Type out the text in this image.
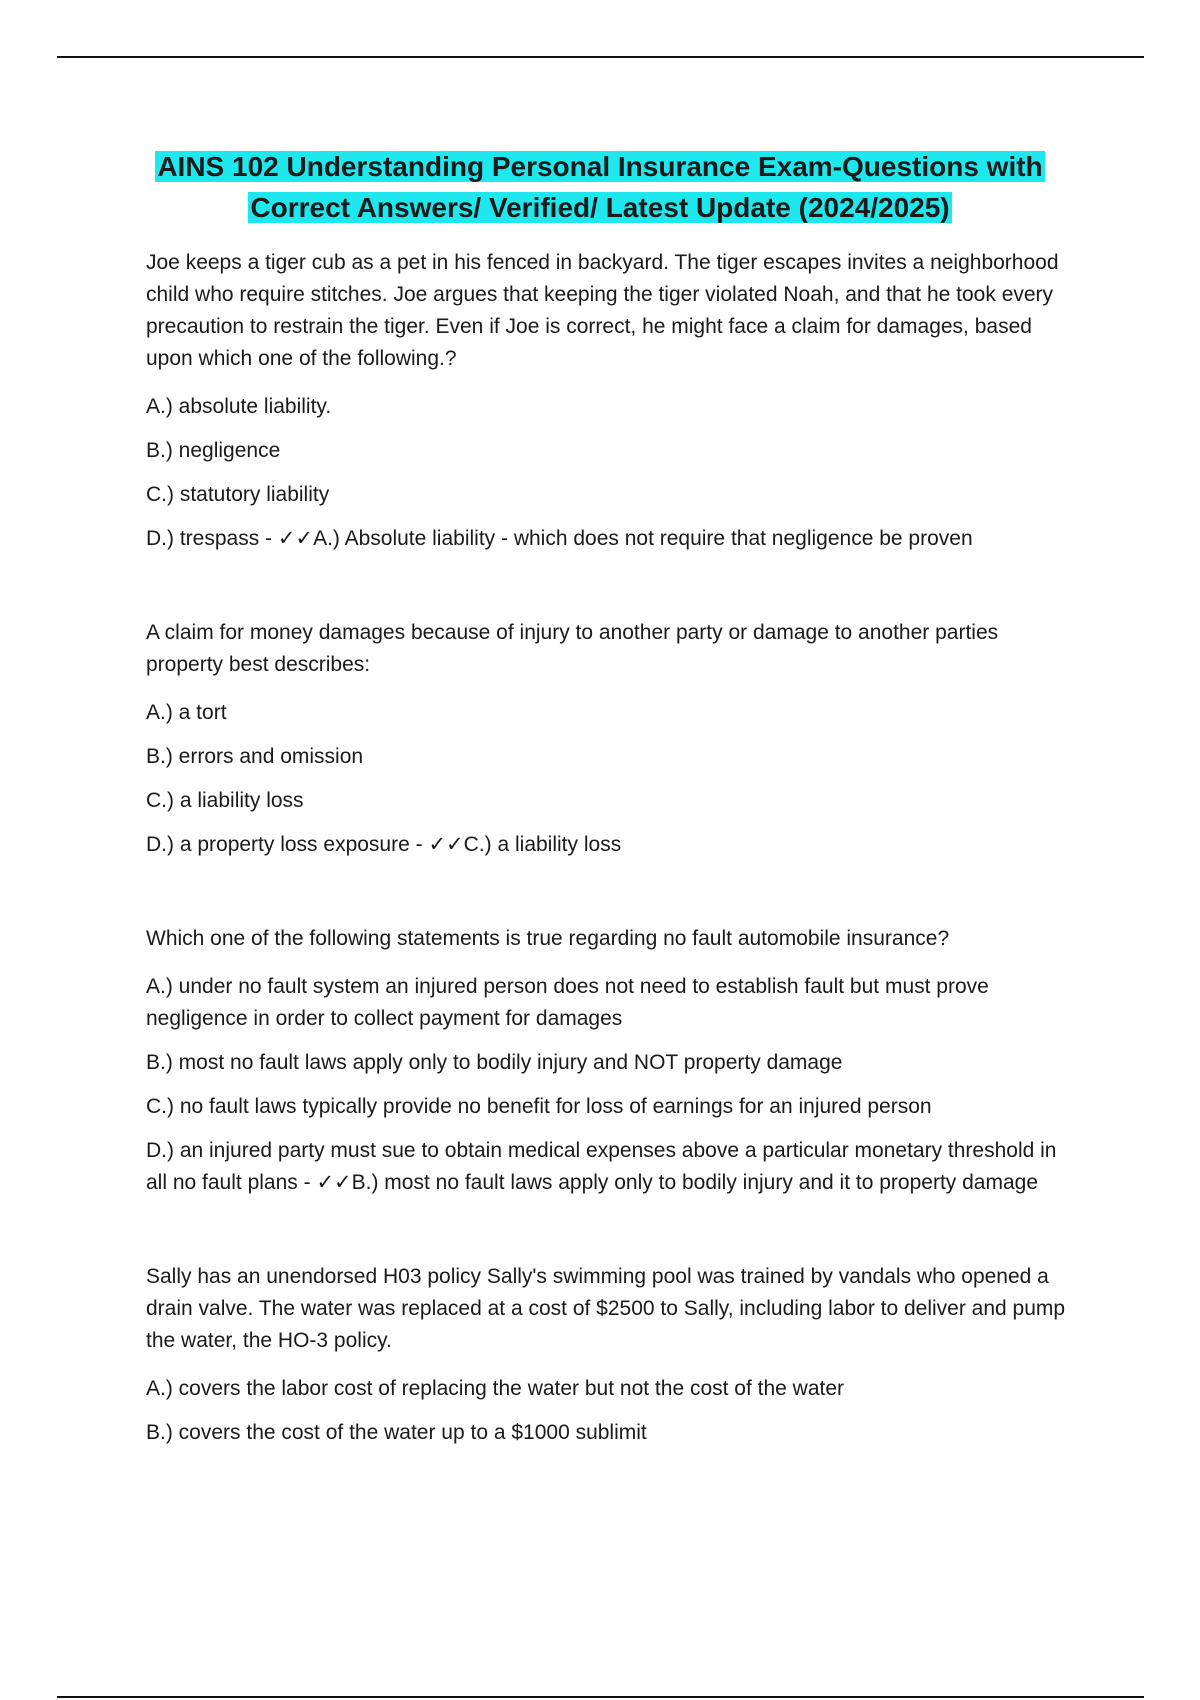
AINS 102 Understanding Personal Insurance Exam-Questions with
Correct Answers/ Verified/ Latest Update (2024/2025)

Joe keeps a tiger cub as a pet in his fenced in backyard. The tiger escapes invites a neighborhood child who require stitches. Joe argues that keeping the tiger violated Noah, and that he took every precaution to restrain the tiger. Even if Joe is correct, he might face a claim for damages, based upon which one of the following.?

A.) absolute liability.

B.) negligence

C.) statutory liability

D.) trespass - ✓✓A.) Absolute liability - which does not require that negligence be proven

A claim for money damages because of injury to another party or damage to another parties property best describes:

A.) a tort

B.) errors and omission

C.) a liability loss

D.) a property loss exposure - ✓✓C.) a liability loss

Which one of the following statements is true regarding no fault automobile insurance?

A.) under no fault system an injured person does not need to establish fault but must prove negligence in order to collect payment for damages

B.) most no fault laws apply only to bodily injury and NOT property damage

C.) no fault laws typically provide no benefit for loss of earnings for an injured person

D.) an injured party must sue to obtain medical expenses above a particular monetary threshold in all no fault plans - ✓✓B.) most no fault laws apply only to bodily injury and it to property damage

Sally has an unendorsed H03 policy Sally's swimming pool was trained by vandals who opened a drain valve. The water was replaced at a cost of $2500 to Sally, including labor to deliver and pump the water, the HO-3 policy.

A.) covers the labor cost of replacing the water but not the cost of the water

B.) covers the cost of the water up to a $1000 sublimit
